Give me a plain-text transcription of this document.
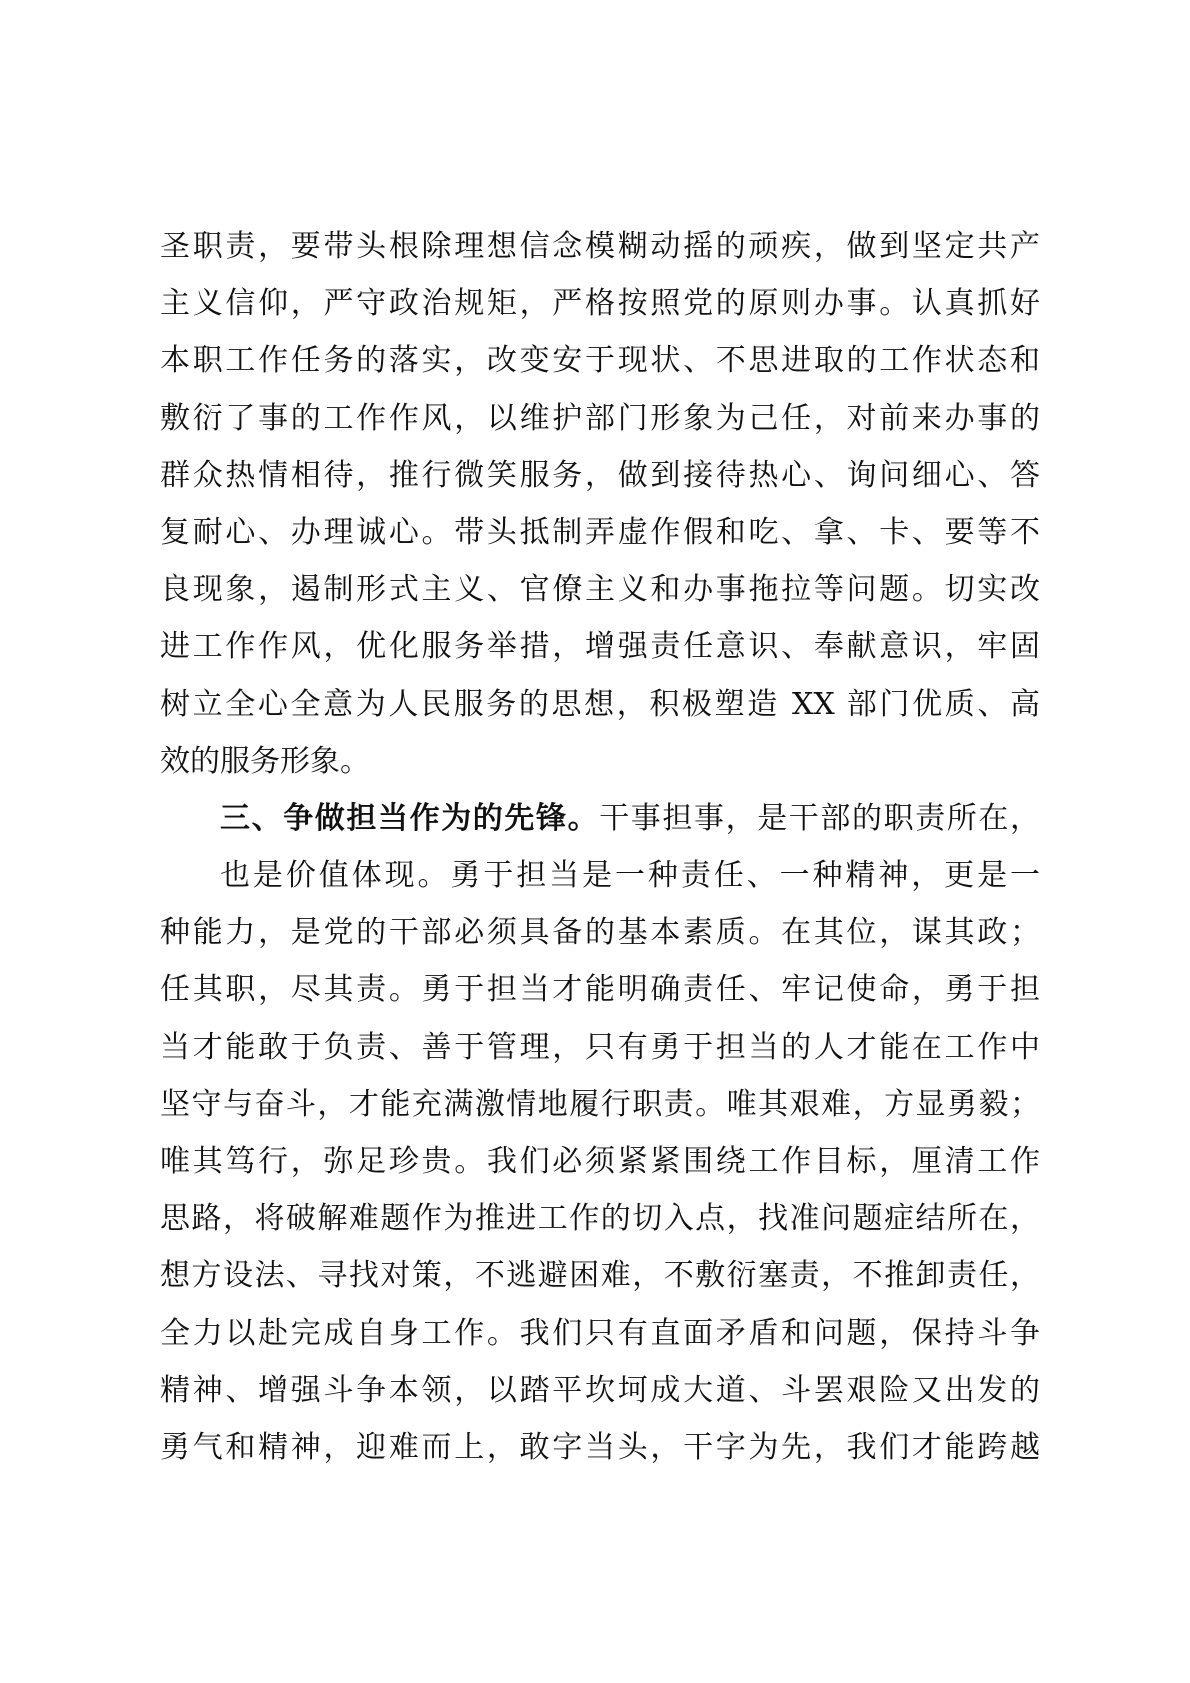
圣职责，要带头根除理想信念模糊动摇的顽疾，做到坚定共产
主义信仰，严守政治规矩，严格按照党的原则办事。认真抓好
本职工作任务的落实，改变安于现状、不思进取的工作状态和
敷衍了事的工作作风，以维护部门形象为己任，对前来办事的
群众热情相待，推行微笑服务，做到接待热心、询问细心、答
复耐心、办理诚心。带头抵制弄虚作假和吃、拿、卡、要等不
良现象，遏制形式主义、官僚主义和办事拖拉等问题。切实改
进工作作风，优化服务举措，增强责任意识、奉献意识，牢固
树立全心全意为人民服务的思想，积极塑造 XX 部门优质、高
效的服务形象。
三、争做担当作为的先锋。干事担事，是干部的职责所在，
也是价值体现。勇于担当是一种责任、一种精神，更是一
种能力，是党的干部必须具备的基本素质。在其位，谋其政；
任其职，尽其责。勇于担当才能明确责任、牢记使命，勇于担
当才能敢于负责、善于管理，只有勇于担当的人才能在工作中
坚守与奋斗，才能充满激情地履行职责。唯其艰难，方显勇毅；
唯其笃行，弥足珍贵。我们必须紧紧围绕工作目标，厘清工作
思路，将破解难题作为推进工作的切入点，找准问题症结所在，
想方设法、寻找对策，不逃避困难，不敷衍塞责，不推卸责任，
全力以赴完成自身工作。我们只有直面矛盾和问题，保持斗争
精神、增强斗争本领，以踏平坎坷成大道、斗罢艰险又出发的
勇气和精神，迎难而上，敢字当头，干字为先，我们才能跨越
